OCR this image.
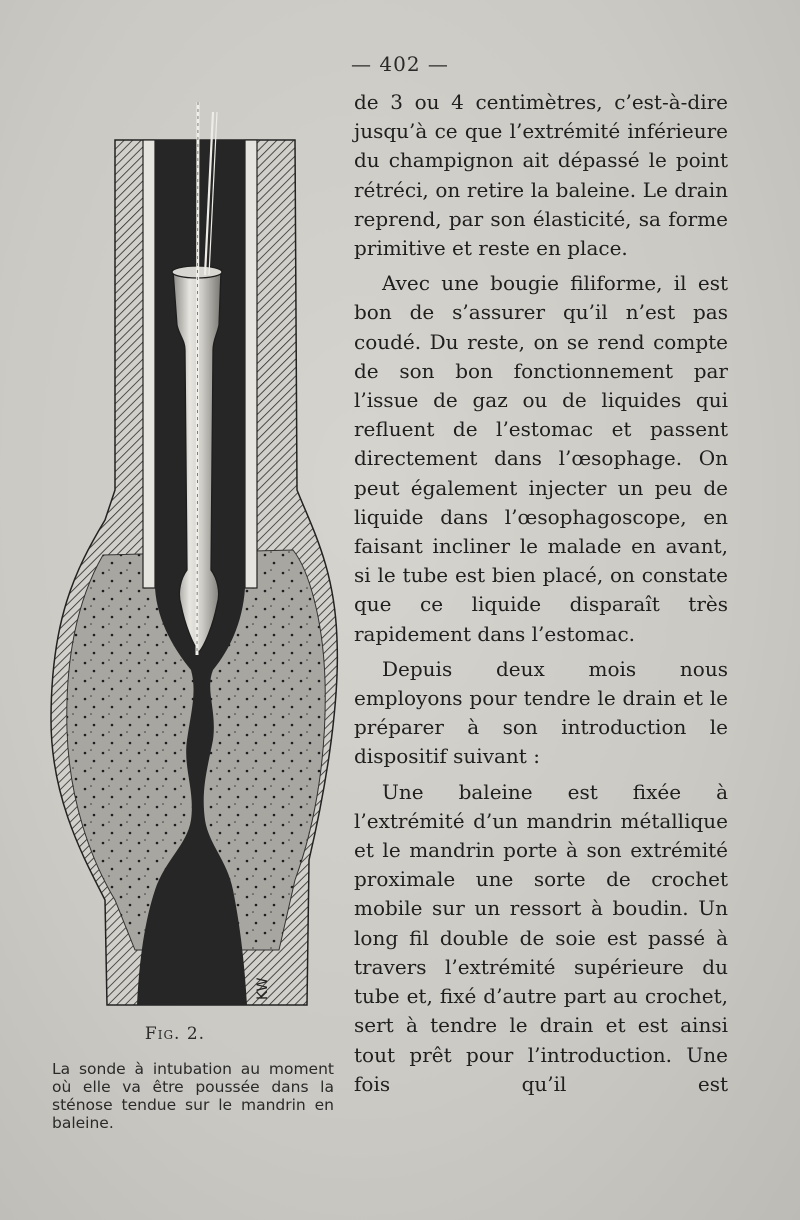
— 402 —
KW
Fig. 2.

La sonde à intubation au moment où elle va être poussée dans la sténose tendue sur le mandrin en baleine.

de 3 ou 4 centimètres, c’est-à-dire jusqu’à ce que l’extrémité inférieure du champignon ait dépassé le point rétréci, on retire la baleine. Le drain reprend, par son élasticité, sa forme primitive et reste en place.

Avec une bougie filiforme, il est bon de s’assurer qu’il n’est pas coudé. Du reste, on se rend compte de son bon fonctionnement par l’issue de gaz ou de liquides qui refluent de l’estomac et passent directement dans l’œsophage. On peut également injecter un peu de liquide dans l’œsophagoscope, en faisant incliner le malade en avant, si le tube est bien placé, on constate que ce liquide disparaît très rapidement dans l’estomac.

Depuis deux mois nous employons pour tendre le drain et le préparer à son introduction le dispositif suivant :

Une baleine est fixée à l’extrémité d’un mandrin métallique et le mandrin porte à son extrémité proximale une sorte de crochet mobile sur un ressort à boudin. Un long fil double de soie est passé à travers l’extrémité supérieure du tube et, fixé d’autre part au crochet, sert à tendre le drain et est ainsi tout prêt pour l’introduction. Une fois qu’il est
